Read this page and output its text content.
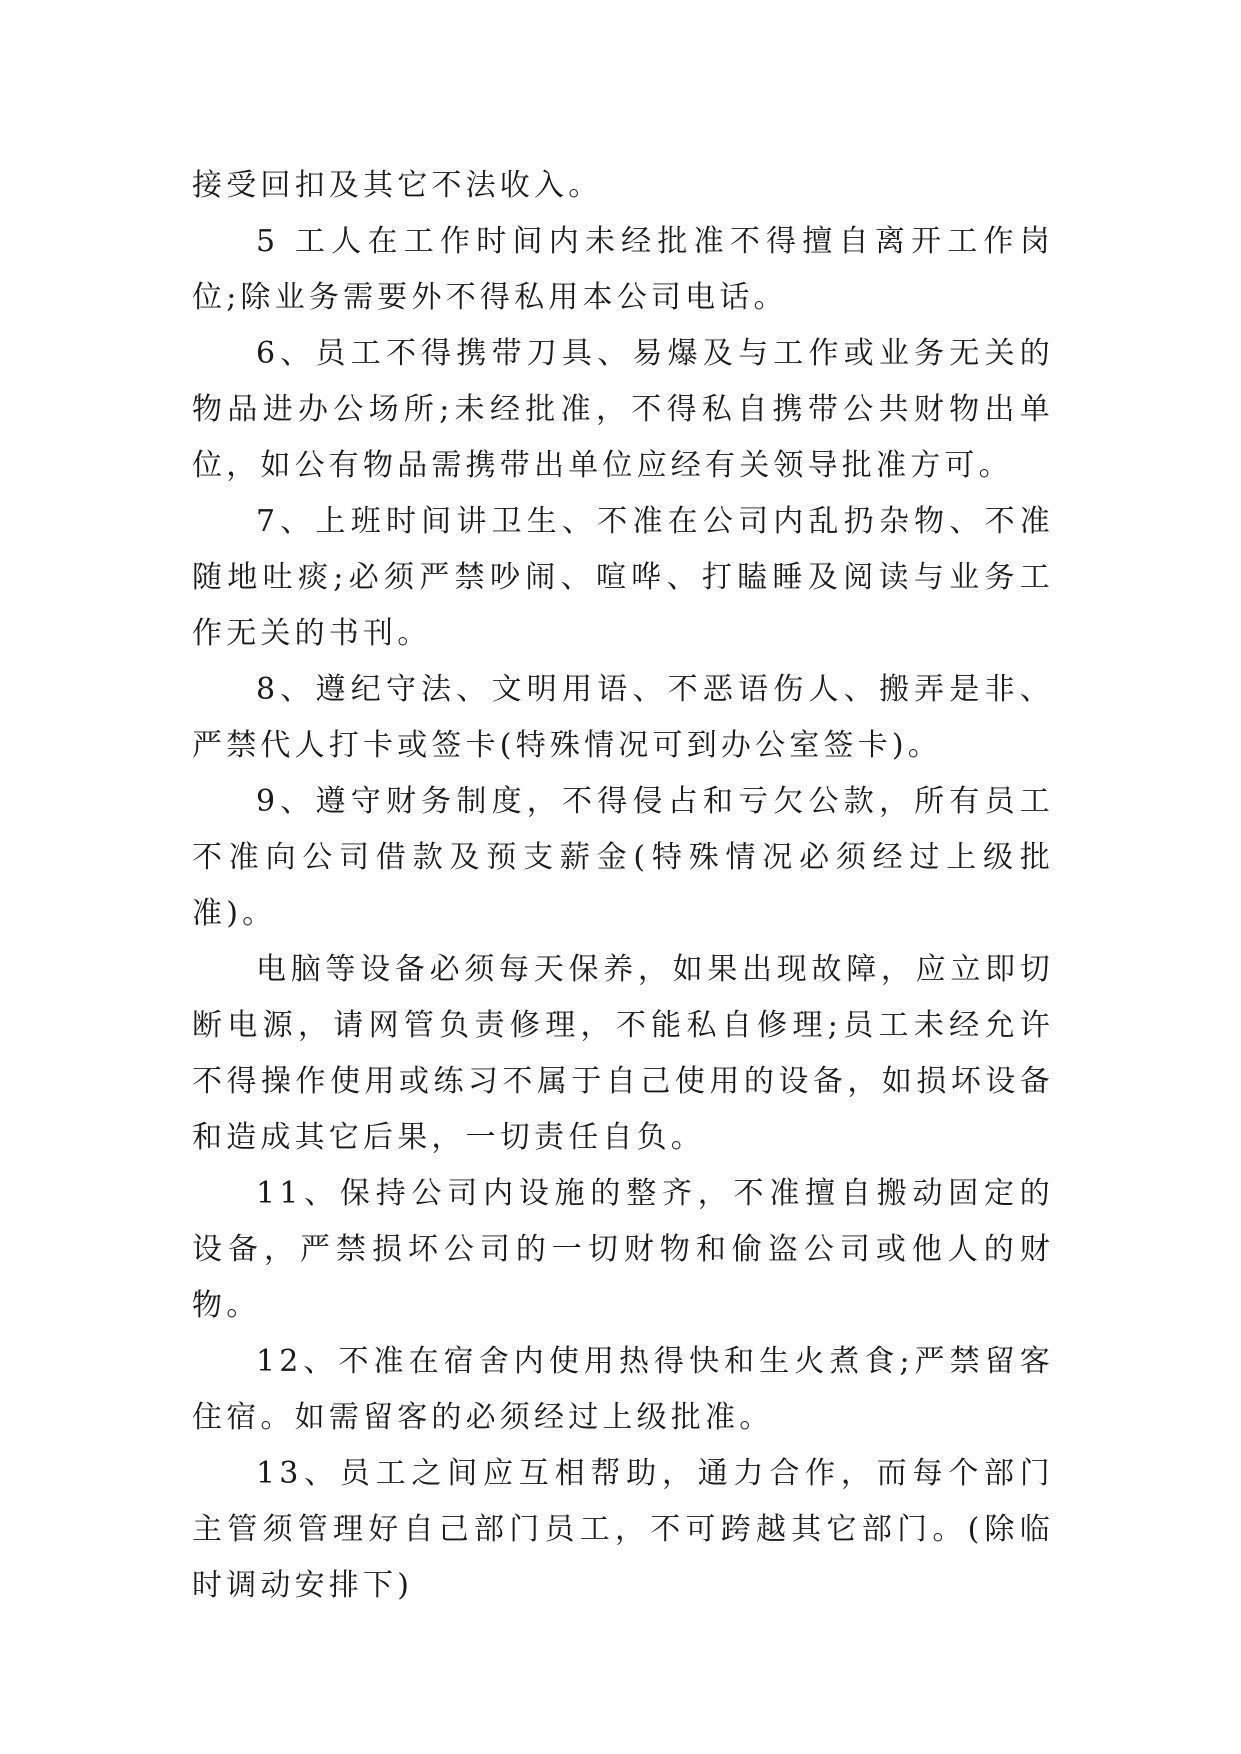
接受回扣及其它不法收入。

5 工人在工作时间内未经批准不得擅自离开工作岗位;除业务需要外不得私用本公司电话。

6、员工不得携带刀具、易爆及与工作或业务无关的物品进办公场所;未经批准，不得私自携带公共财物出单位，如公有物品需携带出单位应经有关领导批准方可。

7、上班时间讲卫生、不准在公司内乱扔杂物、不准随地吐痰;必须严禁吵闹、喧哗、打瞌睡及阅读与业务工作无关的书刊。

8、遵纪守法、文明用语、不恶语伤人、搬弄是非、严禁代人打卡或签卡(特殊情况可到办公室签卡)。

9、遵守财务制度，不得侵占和亏欠公款，所有员工不准向公司借款及预支薪金(特殊情况必须经过上级批准)。

电脑等设备必须每天保养，如果出现故障，应立即切断电源，请网管负责修理，不能私自修理;员工未经允许不得操作使用或练习不属于自己使用的设备，如损坏设备和造成其它后果，一切责任自负。

11、保持公司内设施的整齐，不准擅自搬动固定的设备，严禁损坏公司的一切财物和偷盗公司或他人的财物。

12、不准在宿舍内使用热得快和生火煮食;严禁留客住宿。如需留客的必须经过上级批准。

13、员工之间应互相帮助，通力合作，而每个部门主管须管理好自己部门员工，不可跨越其它部门。(除临时调动安排下)
